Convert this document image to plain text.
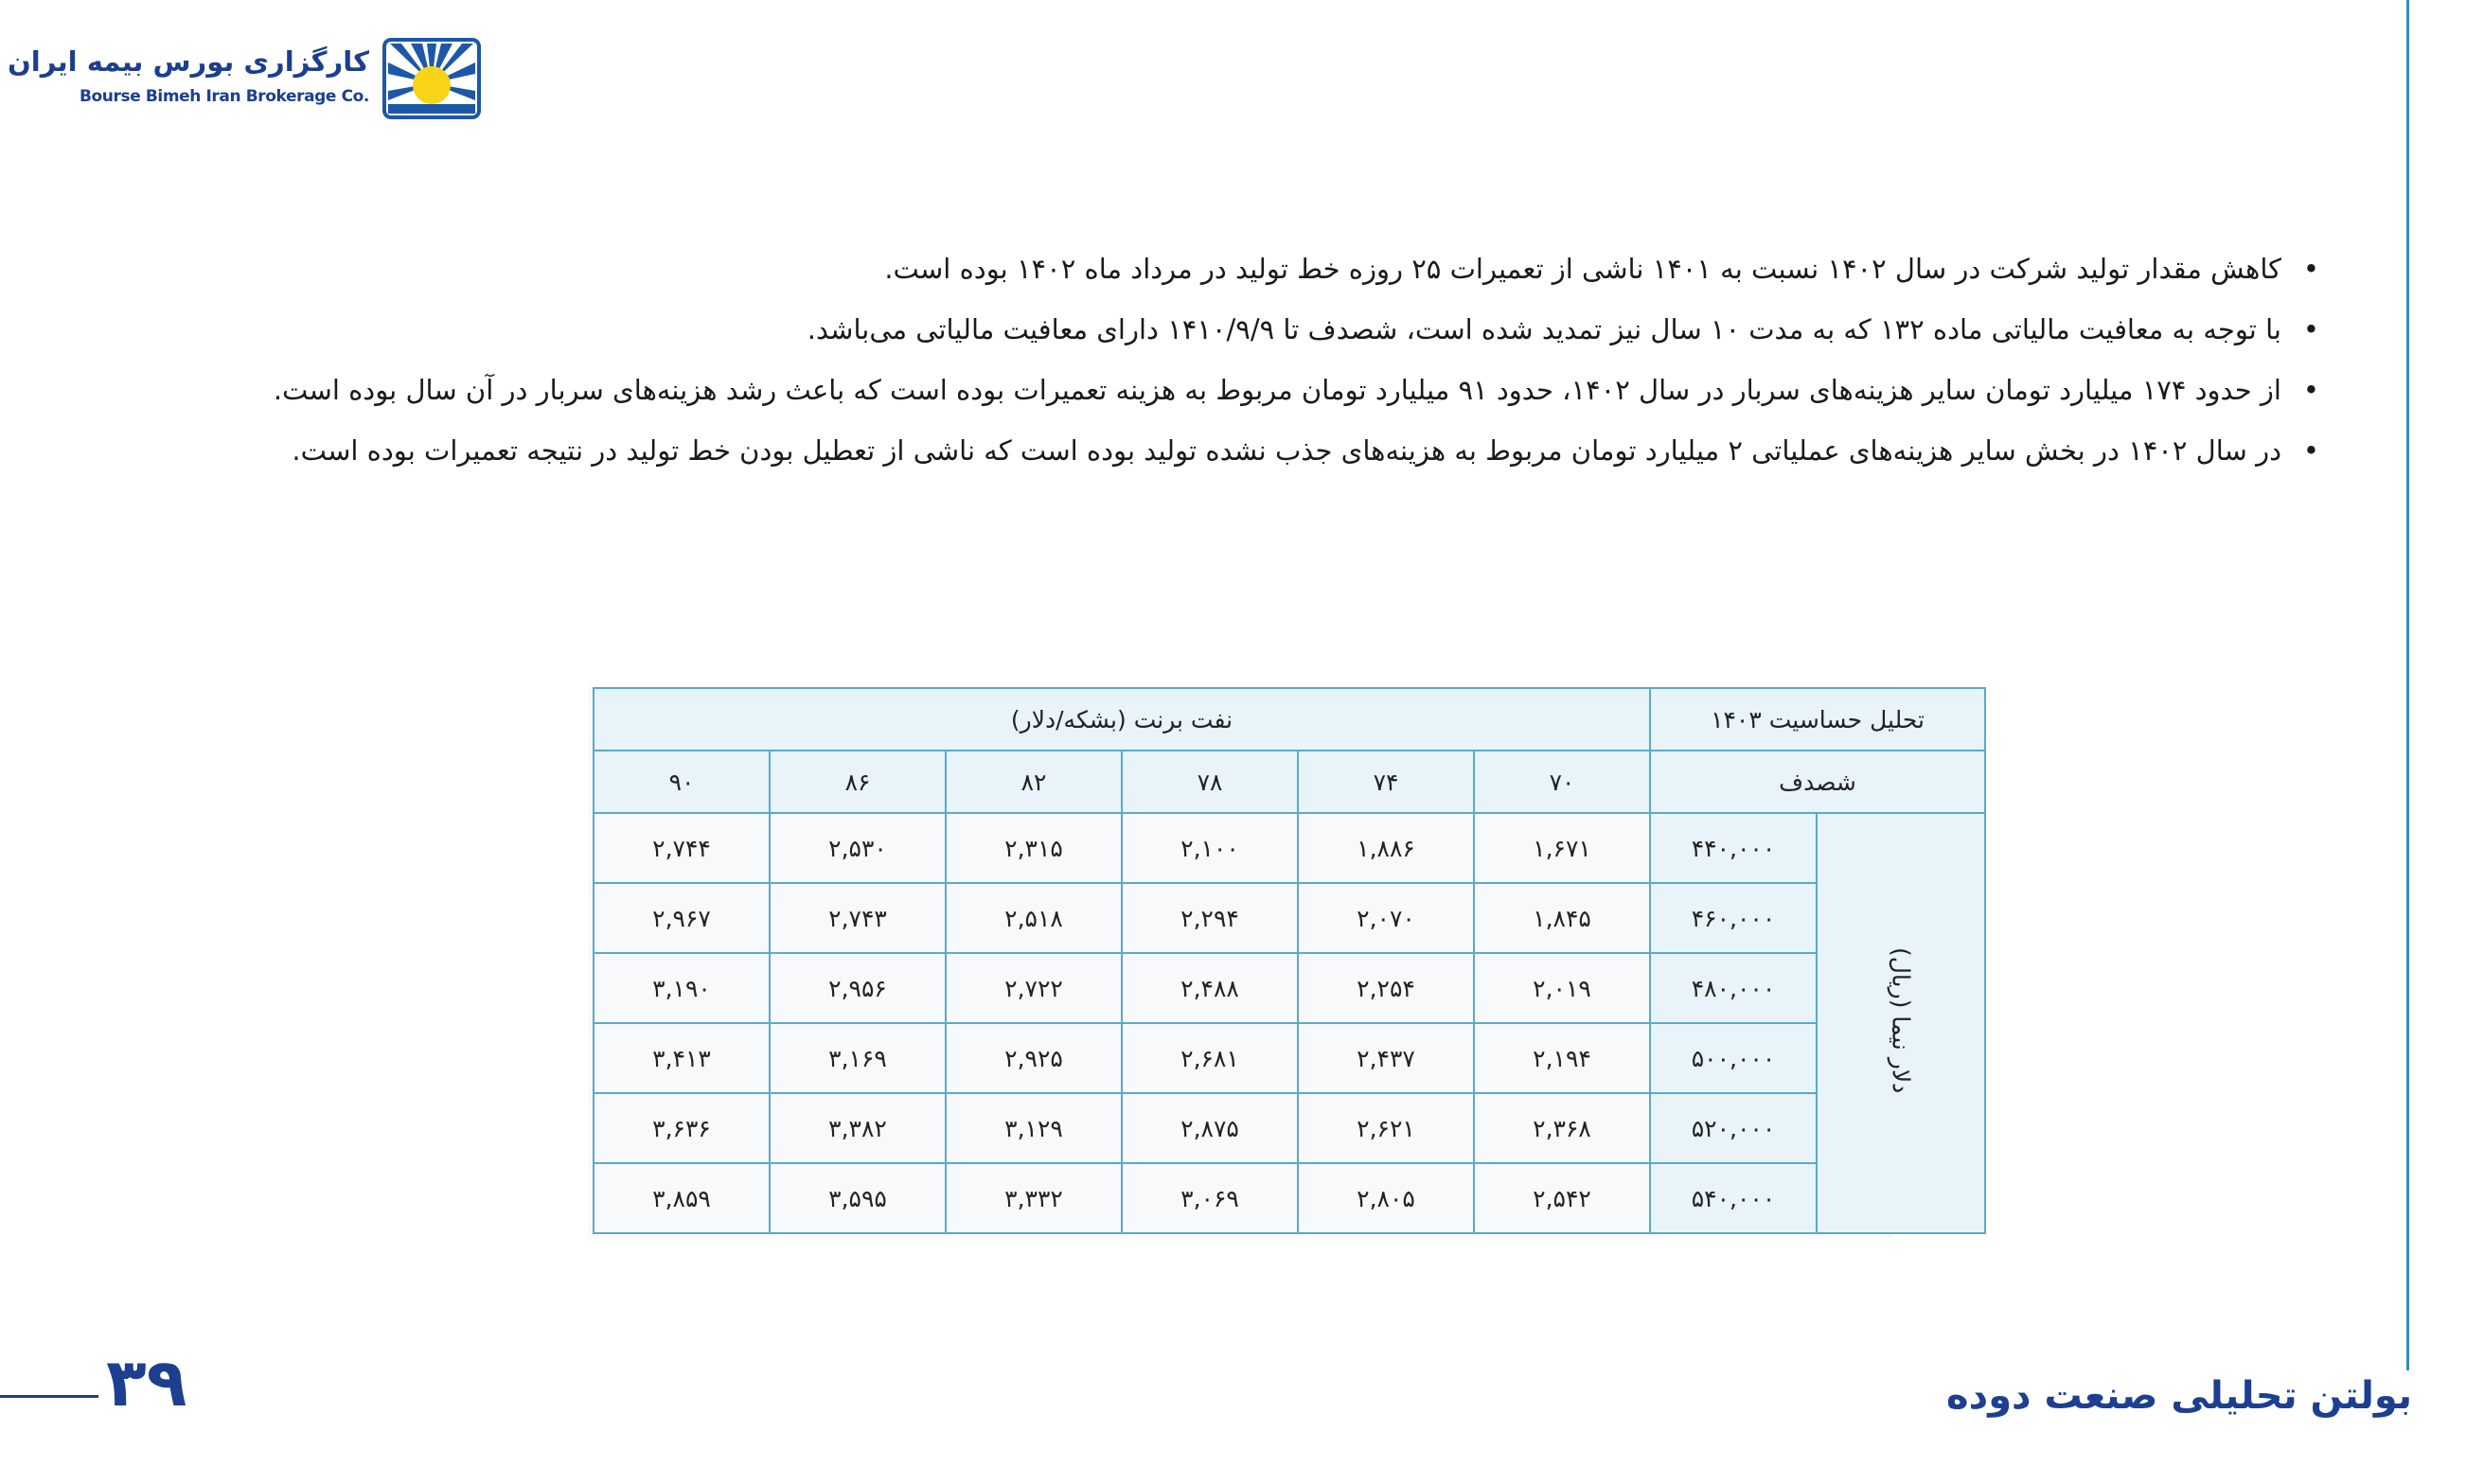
کارگزاری بورس بیمه ایران
Bourse Bimeh Iran Brokerage Co.
• کاهش مقدار تولید شرکت در سال ۱۴۰۲ نسبت به ۱۴۰۱ ناشی از تعمیرات ۲۵ روزه خط تولید در مرداد ماه ۱۴۰۲ بوده است.
• با توجه به معافیت مالیاتی ماده ۱۳۲ که به مدت ۱۰ سال نیز تمدید شده است، شصدف تا ۱۴۱۰/۹/۹ دارای معافیت مالیاتی می‌باشد.
• از حدود ۱۷۴ میلیارد تومان سایر هزینه‌های سربار در سال ۱۴۰۲، حدود ۹۱ میلیارد تومان مربوط به هزینه تعمیرات بوده است که باعث رشد هزینه‌های سربار در آن سال بوده است.
• در سال ۱۴۰۲ در بخش سایر هزینه‌های عملیاتی ۲ میلیارد تومان مربوط به هزینه‌های جذب نشده تولید بوده است که ناشی از تعطیل بودن خط تولید در نتیجه تعمیرات بوده است.
تحلیل حساسیت ۱۴۰۳		نفت برنت (بشکه/دلار)					
شصدف		۷۰	۷۴	۷۸	۸۲	۸۶	۹۰
دلار نیما (ریال)	۴۴۰,۰۰۰	۱,۶۷۱	۱,۸۸۶	۲,۱۰۰	۲,۳۱۵	۲,۵۳۰	۲,۷۴۴
	۴۶۰,۰۰۰	۱,۸۴۵	۲,۰۷۰	۲,۲۹۴	۲,۵۱۸	۲,۷۴۳	۲,۹۶۷
	۴۸۰,۰۰۰	۲,۰۱۹	۲,۲۵۴	۲,۴۸۸	۲,۷۲۲	۲,۹۵۶	۳,۱۹۰
	۵۰۰,۰۰۰	۲,۱۹۴	۲,۴۳۷	۲,۶۸۱	۲,۹۲۵	۳,۱۶۹	۳,۴۱۳
	۵۲۰,۰۰۰	۲,۳۶۸	۲,۶۲۱	۲,۸۷۵	۳,۱۲۹	۳,۳۸۲	۳,۶۳۶
	۵۴۰,۰۰۰	۲,۵۴۲	۲,۸۰۵	۳,۰۶۹	۳,۳۳۲	۳,۵۹۵	۳,۸۵۹
بولتن تحلیلی صنعت دوده
۳۹
